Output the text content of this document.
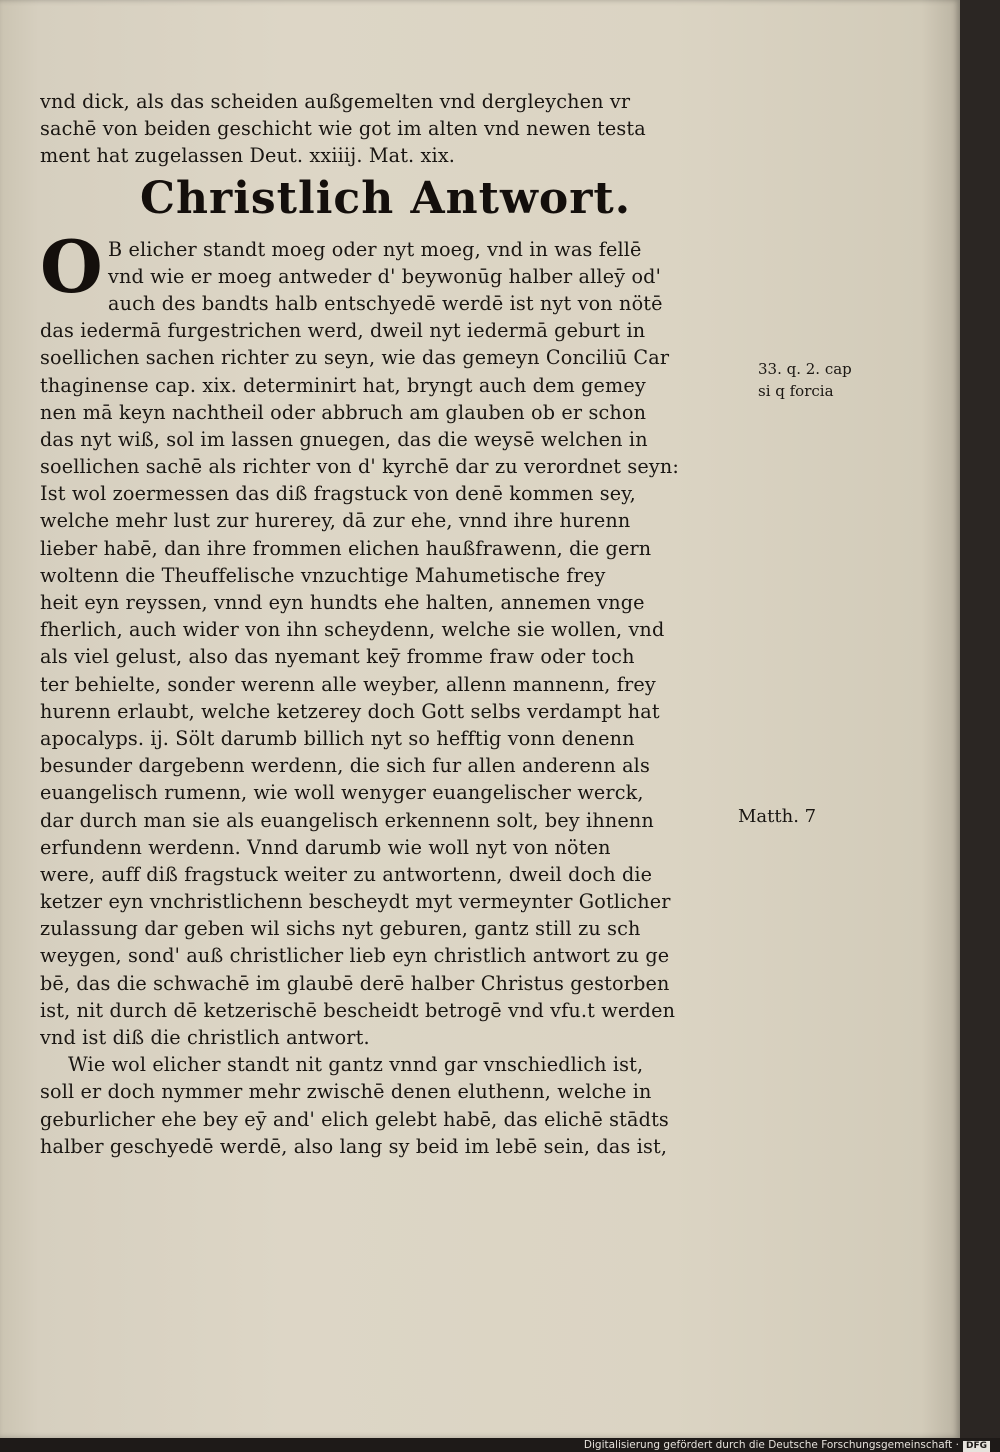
vnd dick, als das scheiden außgemelten vnd dergleychen vr
sachē von beiden geschicht wie got im alten vnd newen testa
ment hat zugelassen Deut. xxiiij. Mat. xix.
Christlich Antwort.
O B elicher standt moeg oder nyt moeg, vnd in was fellē
vnd wie er moeg antweder d' beywonūg halber alleȳ od'
auch des bandts halb entschyedē werdē ist nyt von nötē
das iedermā furgestrichen werd, dweil nyt iedermā geburt in
soellichen sachen richter zu seyn, wie das gemeyn Conciliū Car
thaginense cap. xix. determinirt hat, bryngt auch dem gemey
nen mā keyn nachtheil oder abbruch am glauben ob er schon
das nyt wiß, sol im lassen gnuegen, das die weysē welchen in
soellichen sachē als richter von d' kyrchē dar zu verordnet seyn:
Ist wol zoermessen das diß fragstuck von denē kommen sey,
welche mehr lust zur hurerey, dā zur ehe, vnnd ihre hurenn
lieber habē, dan ihre frommen elichen haußfrawenn, die gern
woltenn die Theuffelische vnzuchtige Mahumetische frey
heit eyn reyssen, vnnd eyn hundts ehe halten, annemen vnge
fherlich, auch wider von ihn scheydenn, welche sie wollen, vnd
als viel gelust, also das nyemant keȳ fromme fraw oder toch
ter behielte, sonder werenn alle weyber, allenn mannenn, frey
hurenn erlaubt, welche ketzerey doch Gott selbs verdampt hat
apocalyps. ij. Sölt darumb billich nyt so hefftig vonn denenn
besunder dargebenn werdenn, die sich fur allen anderenn als
euangelisch rumenn, wie woll wenyger euangelischer werck,
dar durch man sie als euangelisch erkennenn solt, bey ihnenn
erfundenn werdenn. Vnnd darumb wie woll nyt von nöten
were, auff diß fragstuck weiter zu antwortenn, dweil doch die
ketzer eyn vnchristlichenn bescheydt myt vermeynter Gotlicher
zulassung dar geben wil sichs nyt geburen, gantz still zu sch
weygen, sond' auß christlicher lieb eyn christlich antwort zu ge
bē, das die schwachē im glaubē derē halber Christus gestorben
ist, nit durch dē ketzerischē bescheidt betrogē vnd vfu.t werden
vnd ist diß die christlich antwort.
Wie wol elicher standt nit gantz vnnd gar vnschiedlich ist,
soll er doch nymmer mehr zwischē denen eluthenn, welche in
geburlicher ehe bey eȳ and' elich gelebt habē, das elichē stādts
halber geschyedē werdē, also lang sy beid im lebē sein, das ist,
33. q. 2. cap
si q forcia
Matth. 7
Digitalisierung gefördert durch die Deutsche Forschungsgemeinschaft · DFG
